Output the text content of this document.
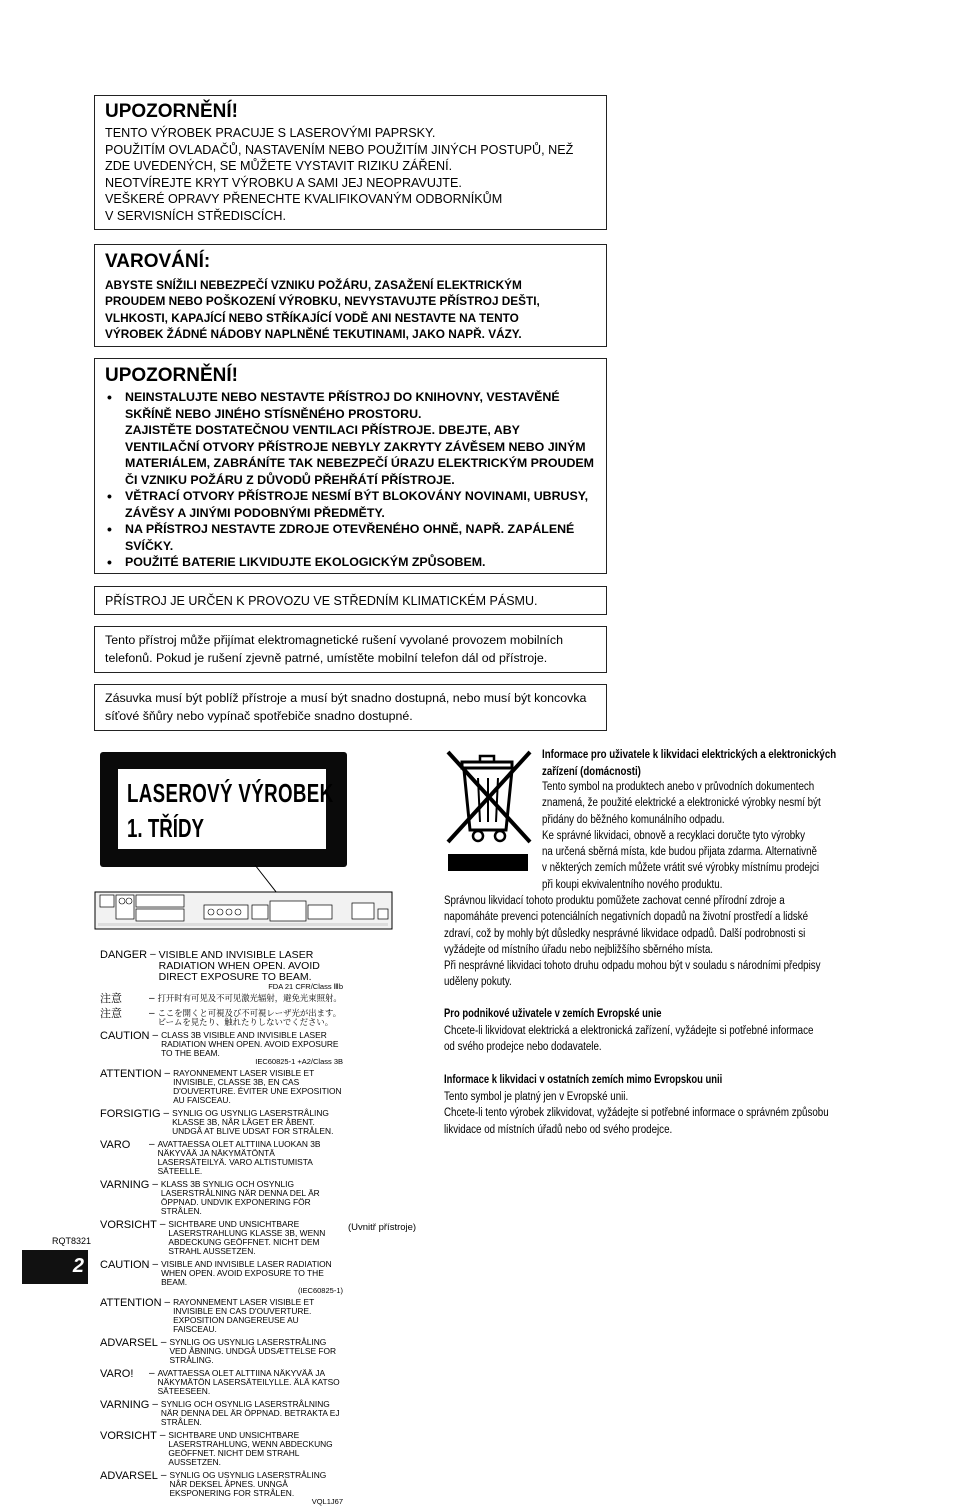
UPOZORNĚNÍ!
TENTO VÝROBEK PRACUJE S LASEROVÝMI PAPRSKY.
POUŽITÍM OVLADAČŮ, NASTAVENÍM NEBO POUŽITÍM JINÝCH POSTUPŮ, NEŽ
ZDE UVEDENÝCH, SE MŮŽETE VYSTAVIT RIZIKU ZÁŘENÍ.
NEOTVÍREJTE KRYT VÝROBKU A SAMI JEJ NEOPRAVUJTE.
VEŠKERÉ OPRAVY PŘENECHTE KVALIFIKOVANÝM ODBORNÍKŮM
V SERVISNÍCH STŘEDISCÍCH.
VAROVÁNÍ:
ABYSTE SNÍŽILI NEBEZPEČÍ VZNIKU POŽÁRU, ZASAŽENÍ ELEKTRICKÝM
PROUDEM NEBO POŠKOZENÍ VÝROBKU, NEVYSTAVUJTE PŘÍSTROJ DEŠTI,
VLHKOSTI, KAPAJÍCÍ NEBO STŘÍKAJÍCÍ VODĚ ANI NESTAVTE NA TENTO
VÝROBEK ŽÁDNÉ NÁDOBY NAPLNĚNÉ TEKUTINAMI, JAKO NAPŘ. VÁZY.
UPOZORNĚNÍ!
• NEINSTALUJTE NEBO NESTAVTE PŘÍSTROJ DO KNIHOVNY, VESTAVĚNÉ
SKŘÍNĚ NEBO JINÉHO STÍSNĚNÉHO PROSTORU.
ZAJISTĚTE DOSTATEČNOU VENTILACI PŘÍSTROJE. DBEJTE, ABY
VENTILAČNÍ OTVORY PŘÍSTROJE NEBYLY ZAKRYTY ZÁVĚSEM NEBO JINÝM
MATERIÁLEM, ZABRÁNÍTE TAK NEBEZPEČÍ ÚRAZU ELEKTRICKÝM PROUDEM
ČI VZNIKU POŽÁRU Z DŮVODŮ PŘEHŘÁTÍ PŘÍSTROJE.
• VĚTRACÍ OTVORY PŘÍSTROJE NESMÍ BÝT BLOKOVÁNY NOVINAMI, UBRUSY,
ZÁVĚSY A JINÝMI PODOBNÝMI PŘEDMĚTY.
• NA PŘÍSTROJ NESTAVTE ZDROJE OTEVŘENÉHO OHNĚ, NAPŘ. ZAPÁLENÉ
SVÍČKY.
• POUŽITÉ BATERIE LIKVIDUJTE EKOLOGICKÝM ZPŮSOBEM.
PŘÍSTROJ JE URČEN K PROVOZU VE STŘEDNÍM KLIMATICKÉM PÁSMU.
Tento přístroj může přijímat elektromagnetické rušení vyvolané provozem mobilních
telefonů. Pokud je rušení zjevně patrné, umístěte mobilní telefon dál od přístroje.
Zásuvka musí být poblíž přístroje a musí být snadno dostupná, nebo musí být koncovka
síťové šňůry nebo vypínač spotřebiče snadno dostupné.
LASEROVÝ VÝROBEK
1. TŘÍDY
DANGER – VISIBLE AND INVISIBLE LASER RADIATION WHEN OPEN. AVOID DIRECT EXPOSURE TO BEAM.
FDA 21 CFR/Class Ⅲb
注意	– 打开时有可见及不可见激光辐射，避免光束照射。
注意	– ここを開くと可視及び不可視レーザ光が出ます。ビームを見たり、触れたりしないでください。
CAUTION – CLASS 3B VISIBLE AND INVISIBLE LASER RADIATION WHEN OPEN. AVOID EXPOSURE TO THE BEAM.
IEC60825-1 +A2/Class 3B
ATTENTION – RAYONNEMENT LASER VISIBLE ET INVISIBLE, CLASSE 3B, EN CAS D'OUVERTURE. ÉVITER UNE EXPOSITION AU FAISCEAU.
FORSIGTIG – SYNLIG OG USYNLIG LASERSTRÅLING KLASSE 3B, NÅR LÅGET ER ÅBENT. UNDGÅ AT BLIVE UDSAT FOR STRÅLEN.
VARO	– AVATTAESSA OLET ALTTIINA LUOKAN 3B NÄKYVÄÄ JA NÄKYMÄTÖNTÄ LASERSÄTEILYÄ. VARO ALTISTUMISTA SÄTEELLE.
VARNING – KLASS 3B SYNLIG OCH OSYNLIG LASERSTRÅLNING NÄR DENNA DEL ÄR ÖPPNAD. UNDVIK EXPONERING FÖR STRÅLEN.
VORSICHT – SICHTBARE UND UNSICHTBARE LASERSTRAHLUNG KLASSE 3B, WENN ABDECKUNG GEÖFFNET. NICHT DEM STRAHL AUSSETZEN.
CAUTION – VISIBLE AND INVISIBLE LASER RADIATION WHEN OPEN. AVOID EXPOSURE TO THE BEAM.
(IEC60825-1)
ATTENTION – RAYONNEMENT LASER VISIBLE ET INVISIBLE EN CAS D'OUVERTURE. EXPOSITION DANGEREUSE AU FAISCEAU.
ADVARSEL – SYNLIG OG USYNLIG LASERSTRÅLING VED ÅBNING. UNDGÅ UDSÆTTELSE FOR STRÅLING.
VARO!	– AVATTAESSA OLET ALTTIINA NÄKYVÄÄ JA NÄKYMÄTÖN LASERSÄTEILYLLE. ÄLÄ KATSO SÄTEESEEN.
VARNING – SYNLIG OCH OSYNLIG LASERSTRÅLNING NÄR DENNA DEL ÄR ÖPPNAD. BETRAKTA EJ STRÅLEN.
VORSICHT – SICHTBARE UND UNSICHTBARE LASERSTRAHLUNG, WENN ABDECKUNG GEÖFFNET. NICHT DEM STRAHL AUSSETZEN.
ADVARSEL – SYNLIG OG USYNLIG LASERSTRÅLING NÅR DEKSEL ÅPNES. UNNGÅ EKSPONERING FOR STRÅLEN.
VQL1J67
(Uvnitř přístroje)
RQT8321
2
Informace pro uživatele k likvidaci elektrických a elektronických
zařízení (domácnosti)
Tento symbol na produktech anebo v průvodních dokumentech
znamená, že použité elektrické a elektronické výrobky nesmí být
přidány do běžného komunálního odpadu.
Ke správné likvidaci, obnově a recyklaci doručte tyto výrobky
na určená sběrná místa, kde budou přijata zdarma. Alternativně
v některých zemích můžete vrátit své výrobky místnímu prodejci
při koupi ekvivalentního nového produktu.
Správnou likvidací tohoto produktu pomůžete zachovat cenné přírodní zdroje a
napomáháte prevenci potenciálních negativních dopadů na životní prostředí a lidské
zdraví, což by mohly být důsledky nesprávné likvidace odpadů. Další podrobnosti si
vyžádejte od místního úřadu nebo nejbližšího sběrného místa.
Při nesprávné likvidaci tohoto druhu odpadu mohou být v souladu s národními předpisy
uděleny pokuty.
Pro podnikové uživatele v zemích Evropské unie
Chcete-li likvidovat elektrická a elektronická zařízení, vyžádejte si potřebné informace
od svého prodejce nebo dodavatele.
Informace k likvidaci v ostatních zemích mimo Evropskou unii
Tento symbol je platný jen v Evropské unii.
Chcete-li tento výrobek zlikvidovat, vyžádejte si potřebné informace o správném způsobu
likvidace od místních úřadů nebo od svého prodejce.
